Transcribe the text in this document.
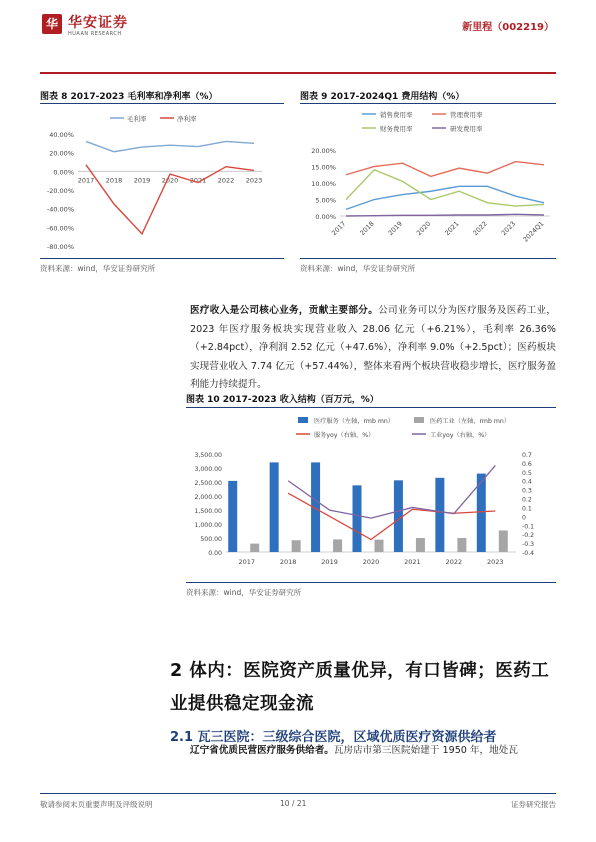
华 华安证券
HUAAN RESEARCH
新里程（002219）
图表 8 2017-2023 毛利率和净利率（%）
40.00%
20.00%
0.00%
-20.00%
-40.00%
-60.00%
-80.00%
2017 2018 2019 2020 2021 2022 2023
毛利率	净利率
资料来源：wind，华安证券研究所
图表 9 2017-2024Q1 费用结构（%）
20.00%
15.00%
10.00%
5.00%
0.00%
2017 2018 2019 2020 2021 2022 2023 2024Q1
销售费用率	管理费用率
财务费用率	研发费用率
资料来源：wind，华安证券研究所
医疗收入是公司核心业务，贡献主要部分。公司业务可以分为医疗服务及医药工业，2023 年医疗服务板块实现营业收入 28.06 亿元（+6.21%），毛利率 26.36%（+2.84pct），净利润 2.52 亿元（+47.6%），净利率 9.0%（+2.5pct）；医药板块实现营业收入 7.74 亿元（+57.44%），整体来看两个板块营收稳步增长，医疗服务盈利能力持续提升。
图表 10 2017-2023 收入结构（百万元，%）
3,500.00
3,000.00
2,500.00
2,000.00
1,500.00
1,000.00
500.00
0.00
0.7
0.6
0.5
0.4
0.3
0.2
0.1
0
-0.1
-0.2
-0.3
-0.4
2017	2018	2019	2020	2021	2022	2023
医疗服务（左轴，rmb mn）	医药工业（左轴，rmb mn）
服务yoy（右轴，%）	工业yoy（右轴，%）
资料来源：wind，华安证券研究所
2 体内：医院资产质量优异，有口皆碑；医药工业提供稳定现金流
2.1 瓦三医院：三级综合医院，区域优质医疗资源供给者
辽宁省优质民营医疗服务供给者。瓦房店市第三医院始建于 1950 年，地处瓦
敬请参阅末页重要声明及评级说明	10 / 21	证券研究报告
